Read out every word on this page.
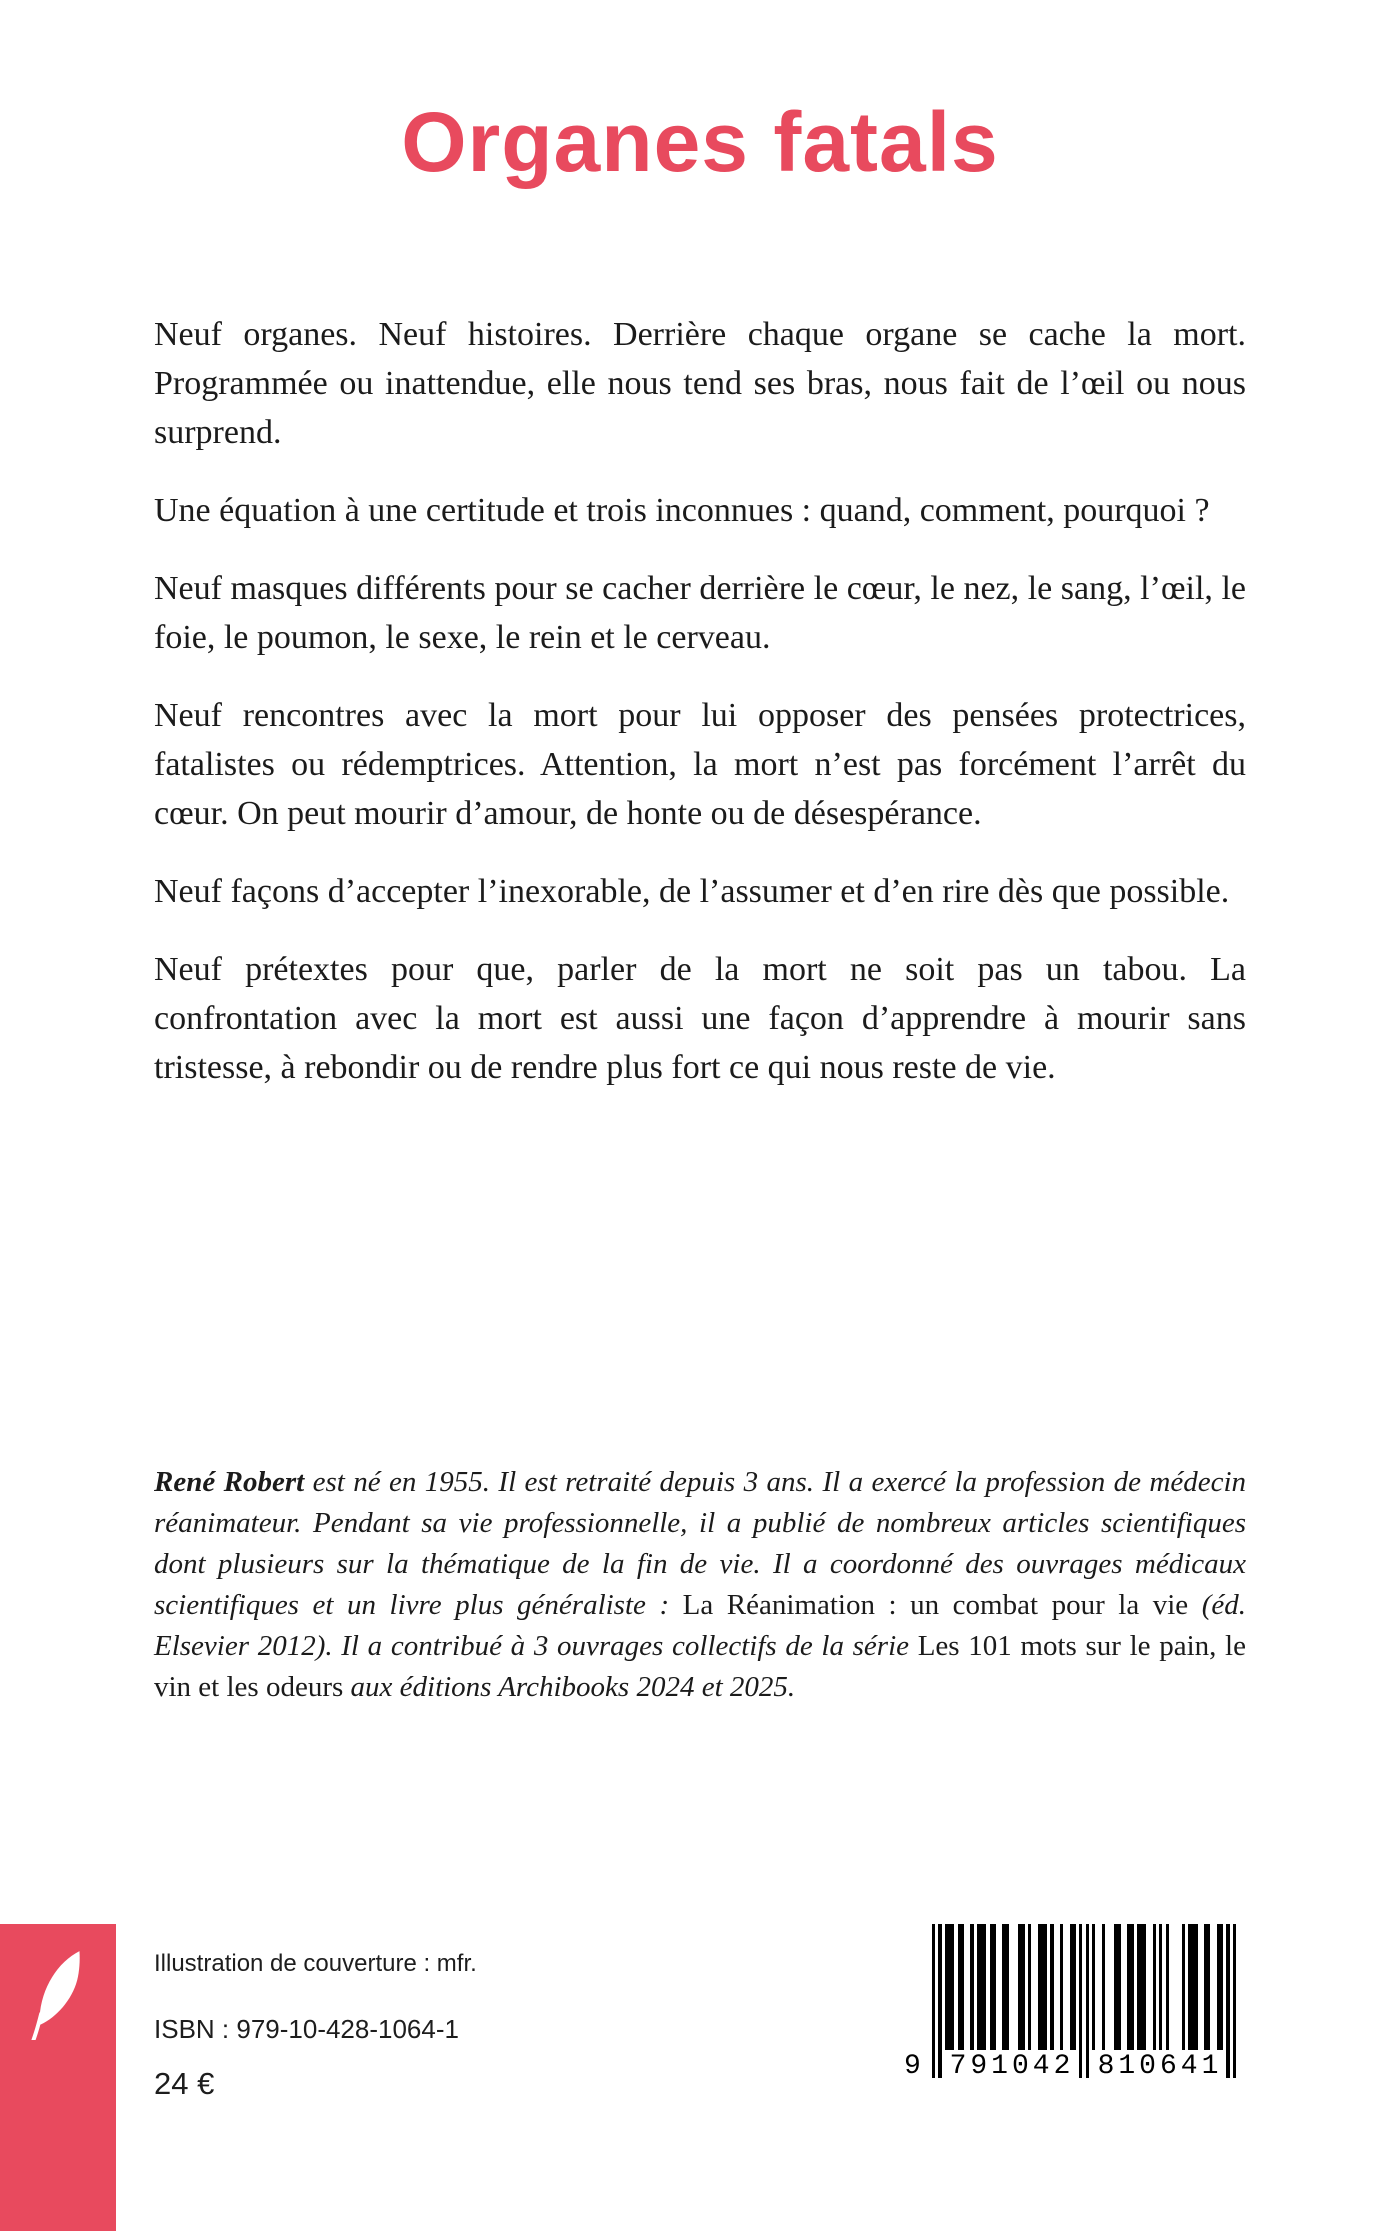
Organes fatals

Neuf organes. Neuf histoires. Derrière chaque organe se cache la mort. Programmée ou inattendue, elle nous tend ses bras, nous fait de l’œil ou nous surprend.

Une équation à une certitude et trois inconnues : quand, comment, pourquoi ?

Neuf masques différents pour se cacher derrière le cœur, le nez, le sang, l’œil, le foie, le poumon, le sexe, le rein et le cerveau.

Neuf rencontres avec la mort pour lui opposer des pensées protectrices, fatalistes ou rédemptrices. Attention, la mort n’est pas forcément l’arrêt du cœur. On peut mourir d’amour, de honte ou de désespérance.

Neuf façons d’accepter l’inexorable, de l’assumer et d’en rire dès que possible.

Neuf prétextes pour que, parler de la mort ne soit pas un tabou. La confrontation avec la mort est aussi une façon d’apprendre à mourir sans tristesse, à rebondir ou de rendre plus fort ce qui nous reste de vie.

René Robert est né en 1955. Il est retraité depuis 3 ans. Il a exercé la profession de médecin réanimateur. Pendant sa vie professionnelle, il a publié de nombreux articles scientifiques dont plusieurs sur la thématique de la fin de vie. Il a coordonné des ouvrages médicaux scientifiques et un livre plus généraliste : La Réanimation : un combat pour la vie (éd. Elsevier 2012). Il a contribué à 3 ouvrages collectifs de la série Les 101 mots sur le pain, le vin et les odeurs aux éditions Archibooks 2024 et 2025.

Illustration de couverture : mfr.
ISBN : 979-10-428-1064-1
24 €	9 791042 810641
